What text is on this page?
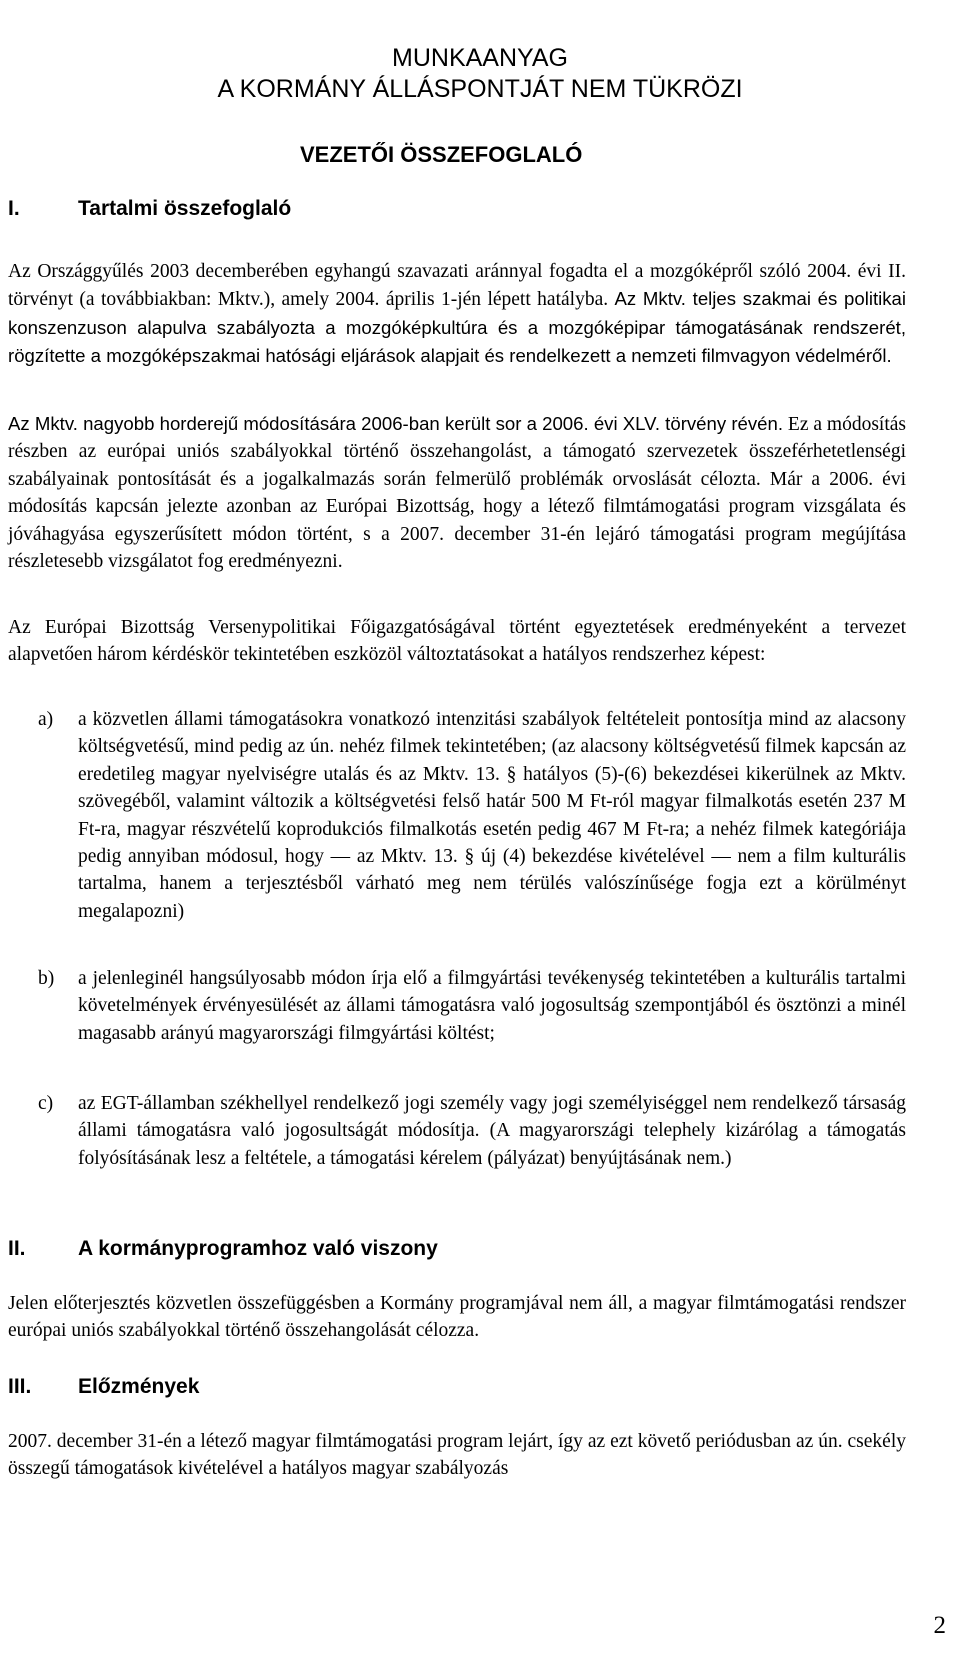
MUNKAANYAG
A KORMÁNY ÁLLÁSPONTJÁT NEM TÜKRÖZI
VEZETŐI ÖSSZEFOGLALÓ
I.	Tartalmi összefoglaló
Az Országgyűlés 2003 decemberében egyhangú szavazati aránnyal fogadta el a mozgóképről szóló 2004. évi II. törvényt (a továbbiakban: Mktv.), amely 2004. április 1-jén lépett hatályba. Az Mktv. teljes szakmai és politikai konszenzuson alapulva szabályozta a mozgóképkultúra és a mozgóképipar támogatásának rendszerét, rögzítette a mozgóképszakmai hatósági eljárások alapjait és rendelkezett a nemzeti filmvagyon védelméről.
Az Mktv. nagyobb horderejű módosítására 2006-ban került sor a 2006. évi XLV. törvény révén. Ez a módosítás részben az európai uniós szabályokkal történő összehangolást, a támogató szervezetek összeférhetetlenségi szabályainak pontosítását és a jogalkalmazás során felmerülő problémák orvoslását célozta. Már a 2006. évi módosítás kapcsán jelezte azonban az Európai Bizottság, hogy a létező filmtámogatási program vizsgálata és jóváhagyása egyszerűsített módon történt, s a 2007. december 31-én lejáró támogatási program megújítása részletesebb vizsgálatot fog eredményezni.
Az Európai Bizottság Versenypolitikai Főigazgatóságával történt egyeztetések eredményeként a tervezet alapvetően három kérdéskör tekintetében eszközöl változtatásokat a hatályos rendszerhez képest:
a) a közvetlen állami támogatásokra vonatkozó intenzitási szabályok feltételeit pontosítja mind az alacsony költségvetésű, mind pedig az ún. nehéz filmek tekintetében; (az alacsony költségvetésű filmek kapcsán az eredetileg magyar nyelviségre utalás és az Mktv. 13. § hatályos (5)-(6) bekezdései kikerülnek az Mktv. szövegéből, valamint változik a költségvetési felső határ 500 M Ft-ról magyar filmalkotás esetén 237 M Ft-ra, magyar részvételű koprodukciós filmalkotás esetén pedig 467 M Ft-ra; a nehéz filmek kategóriája pedig annyiban módosul, hogy — az Mktv. 13. § új (4) bekezdése kivételével — nem a film kulturális tartalma, hanem a terjesztésből várható meg nem térülés valószínűsége fogja ezt a körülményt megalapozni)
b) a jelenleginél hangsúlyosabb módon írja elő a filmgyártási tevékenység tekintetében a kulturális tartalmi követelmények érvényesülését az állami támogatásra való jogosultság szempontjából és ösztönzi a minél magasabb arányú magyarországi filmgyártási költést;
c) az EGT-államban székhellyel rendelkező jogi személy vagy jogi személyiséggel nem rendelkező társaság állami támogatásra való jogosultságát módosítja. (A magyarországi telephely kizárólag a támogatás folyósításának lesz a feltétele, a támogatási kérelem (pályázat) benyújtásának nem.)
II. A kormányprogramhoz való viszony
Jelen előterjesztés közvetlen összefüggésben a Kormány programjával nem áll, a magyar filmtámogatási rendszer európai uniós szabályokkal történő összehangolását célozza.
III. Előzmények
2007. december 31-én a létező magyar filmtámogatási program lejárt, így az ezt követő periódusban az ún. csekély összegű támogatások kivételével a hatályos magyar szabályozás
2
